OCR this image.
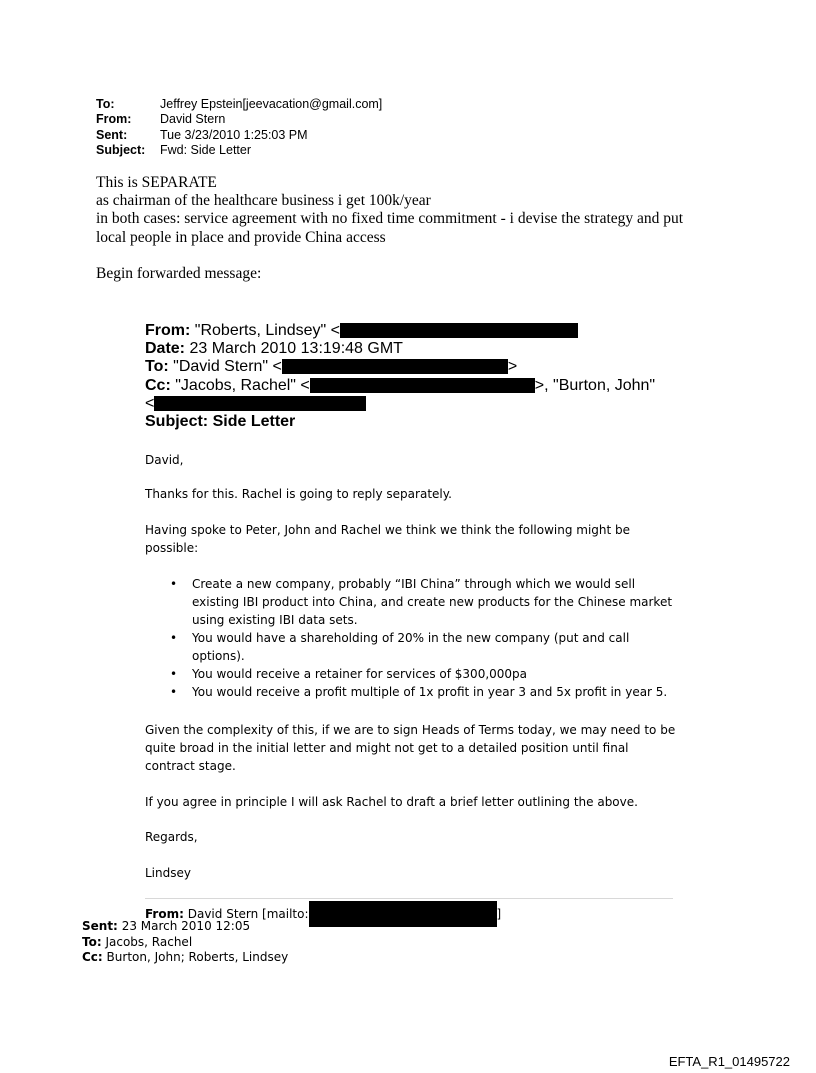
To:	Jeffrey Epstein[jeevacation@gmail.com]
From: David Stern
Sent:	Tue 3/23/2010 1:25:03 PM
Subject: Fwd: Side Letter
This is SEPARATE
as chairman of the healthcare business i get 100k/year
in both cases: service agreement with no fixed time commitment - i devise the strategy and put
local people in place and provide China access
Begin forwarded message:
From: "Roberts, Lindsey" <
Date: 23 March 2010 13:19:48 GMT
To: "David Stern" <	>
Cc: "Jacobs, Rachel" <	>, "Burton, John"
<
Subject: Side Letter
David,
Thanks for this. Rachel is going to reply separately.
Having spoke to Peter, John and Rachel we think we think the following might be possible:
• Create a new company, probably “IBI China” through which we would sell existing IBI product into China, and create new products for the Chinese market using existing IBI data sets.
• You would have a shareholding of 20% in the new company (put and call options).
• You would receive a retainer for services of $300,000pa
• You would receive a profit multiple of 1x profit in year 3 and 5x profit in year 5.
Given the complexity of this, if we are to sign Heads of Terms today, we may need to be quite broad in the initial letter and might not get to a detailed position until final contract stage.
If you agree in principle I will ask Rachel to draft a brief letter outlining the above.
Regards,
Lindsey
From: David Stern [mailto:	]
Sent: 23 March 2010 12:05
To: Jacobs, Rachel
Cc: Burton, John; Roberts, Lindsey
EFTA_R1_01495722
